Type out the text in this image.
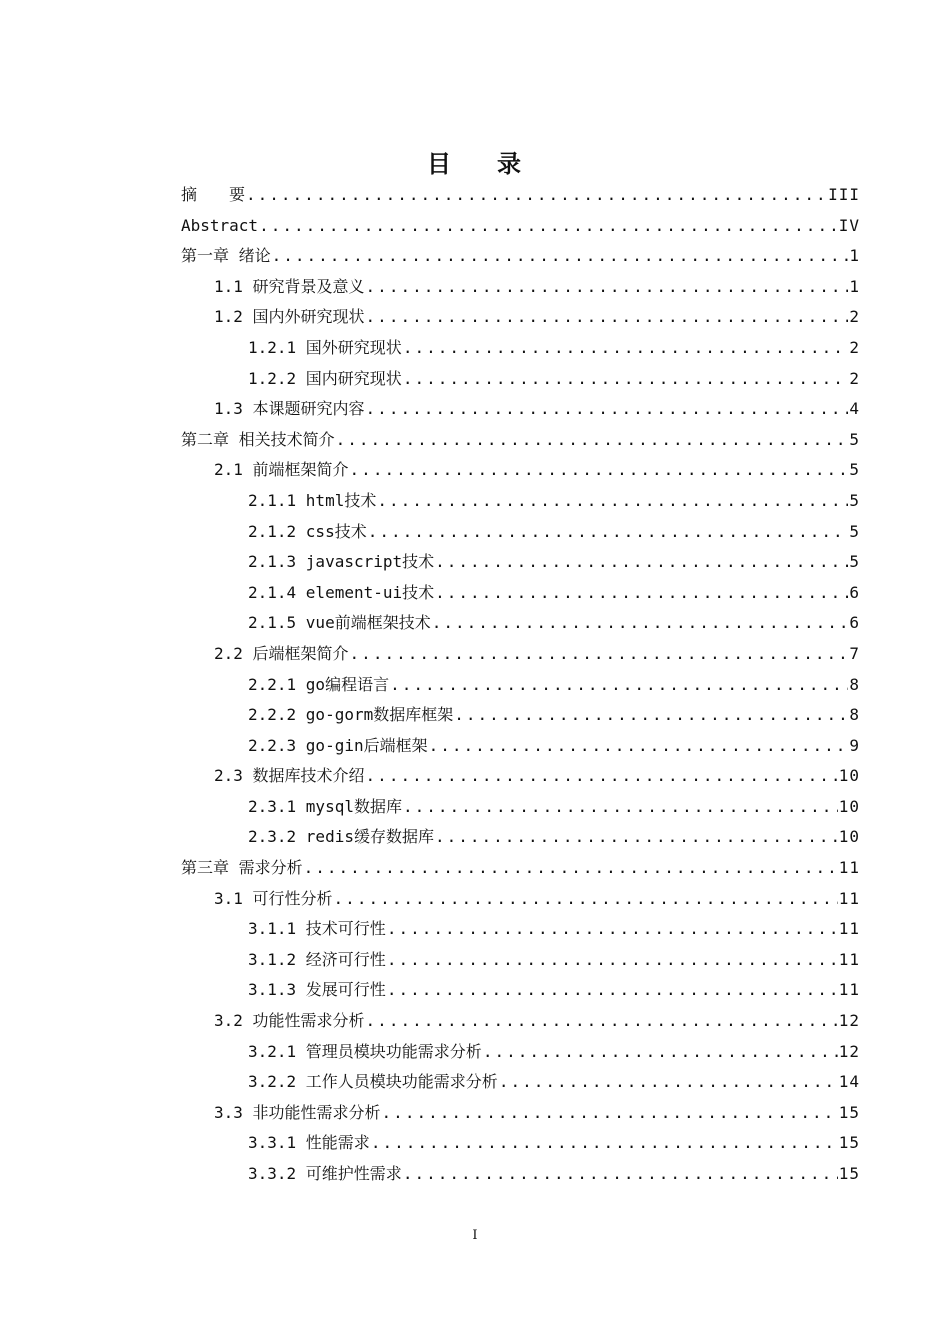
目 录
摘　　要 .....	III
Abstract .....	IV
第一章 绪论 .....	1
1.1 研究背景及意义 .....	1
1.2 国内外研究现状 .....	2
1.2.1 国外研究现状 .....	2
1.2.2 国内研究现状 .....	2
1.3 本课题研究内容 .....	4
第二章 相关技术简介 .....	5
2.1 前端框架简介 .....	5
2.1.1 html技术 .....	5
2.1.2 css技术 .....	5
2.1.3 javascript技术 .....	5
2.1.4 element-ui技术 .....	6
2.1.5 vue前端框架技术 .....	6
2.2 后端框架简介 .....	7
2.2.1 go编程语言 .....	8
2.2.2 go-gorm数据库框架 .....	8
2.2.3 go-gin后端框架 .....	9
2.3 数据库技术介绍 .....	10
2.3.1 mysql数据库 .....	10
2.3.2 redis缓存数据库 .....	10
第三章 需求分析 .....	11
3.1 可行性分析 .....	11
3.1.1 技术可行性 .....	11
3.1.2 经济可行性 .....	11
3.1.3 发展可行性 .....	11
3.2 功能性需求分析 .....	12
3.2.1 管理员模块功能需求分析 .....	12
3.2.2 工作人员模块功能需求分析 .....	14
3.3 非功能性需求分析 .....	15
3.3.1 性能需求 .....	15
3.3.2 可维护性需求 .....	15
I
